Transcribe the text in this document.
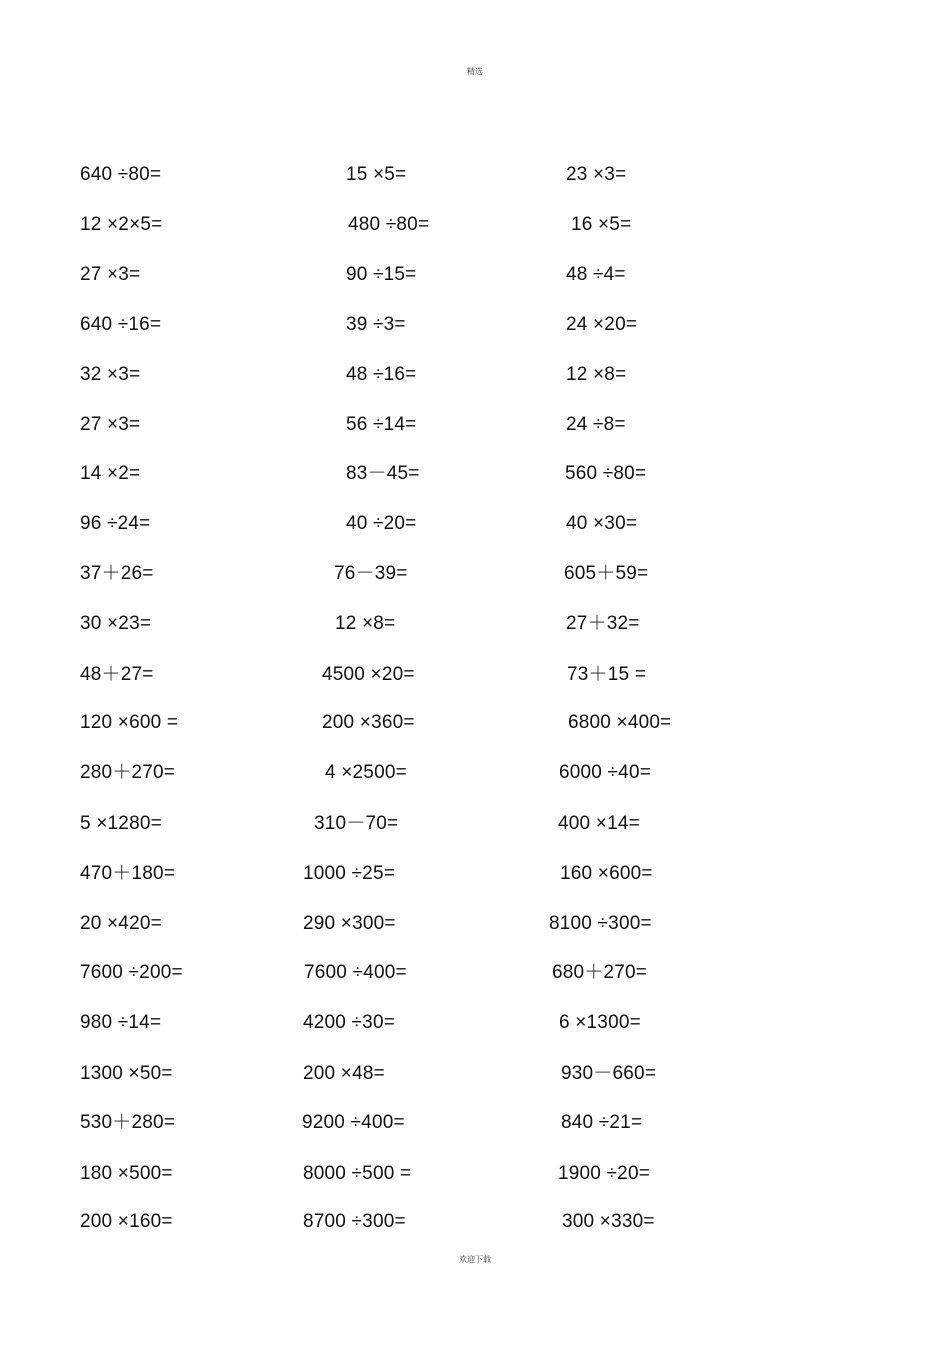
精选
640 ÷80=	15 ×5=	23 ×3=
12 ×2×5=	480 ÷80=	16 ×5=
27 ×3=	90 ÷15=	48 ÷4=
640 ÷16=	39 ÷3=	24 ×20=
32 ×3=	48 ÷16=	12 ×8=
27 ×3=	56 ÷14=	24 ÷8=
14 ×2=	83－45=	560 ÷80=
96 ÷24=	40 ÷20=	40 ×30=
37＋26=	76－39=	605＋59=
30 ×23=	12 ×8=	27＋32=
48＋27=	4500 ×20=	73＋15 =
120 ×600 =	200 ×360=	6800 ×400=
280＋270=	4 ×2500=	6000 ÷40=
5 ×1280=	310－70=	400 ×14=
470＋180=	1000 ÷25=	160 ×600=
20 ×420=	290 ×300=	8100 ÷300=
7600 ÷200=	7600 ÷400=	680＋270=
980 ÷14=	4200 ÷30=	6 ×1300=
1300 ×50=	200 ×48=	930－660=
530＋280=	9200 ÷400=	840 ÷21=
180 ×500=	8000 ÷500 =	1900 ÷20=
200 ×160=	8700 ÷300=	300 ×330=
欢迎下载
